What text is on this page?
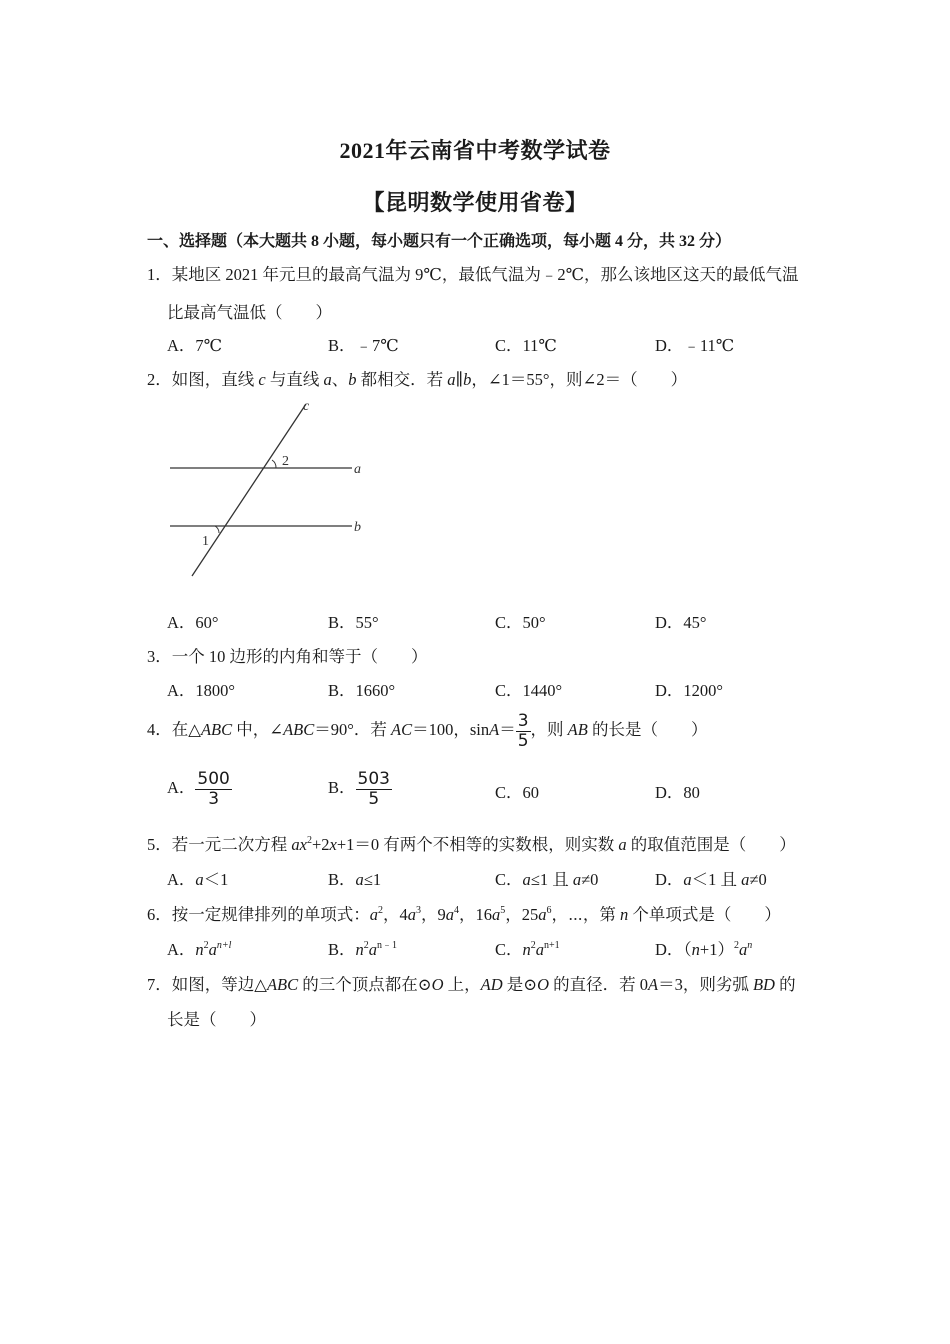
2021年云南省中考数学试卷
【昆明数学使用省卷】
一、选择题（本大题共 8 小题，每小题只有一个正确选项，每小题 4 分，共 32 分）
1．某地区 2021 年元旦的最高气温为 9℃，最低气温为﹣2℃，那么该地区这天的最低气温
比最高气温低（　　）
A．7℃	B．﹣7℃	C．11℃	D．﹣11℃
2．如图，直线 c 与直线 a、b 都相交．若 a∥b，∠1＝55°，则∠2＝（　　）
c
a
b
2
1
A．60°	B．55°	C．50°	D．45°
3．一个 10 边形的内角和等于（　　）
A．1800°	B．1660°	C．1440°	D．1200°
4．在△ABC 中，∠ABC＝90°．若 AC＝100，$\sin A= \frac{3}{5}$ ，则 AB 的长是（　　）
A． $\frac{500}{3}$	B． $\frac{503}{5}$	C．60	D．80
5．若一元二次方程 $ax^2+2x+1=0$ 有两个不相等的实数根，则实数 a 的取值范围是（　　）
A．a＜1	B．a≤1	C．a≤1 且 a≠0	D．a＜1 且 a≠0
6．按一定规律排列的单项式：$a^2$，$4a^3$，$9a^4$，$16a^5$，$25a^6$，⋯，第 n 个单项式是（　　）
A．$n^2a^{n+l}$	B．$n^2a^{n﹣1}$	C．$n^2a^{n+1}$	D．$(n+1)^2a^n$
7．如图，等边△ABC 的三个顶点都在⊙O 上，AD 是⊙O 的直径．若 0A＝3，则劣弧 BD 的
长是（　　）
